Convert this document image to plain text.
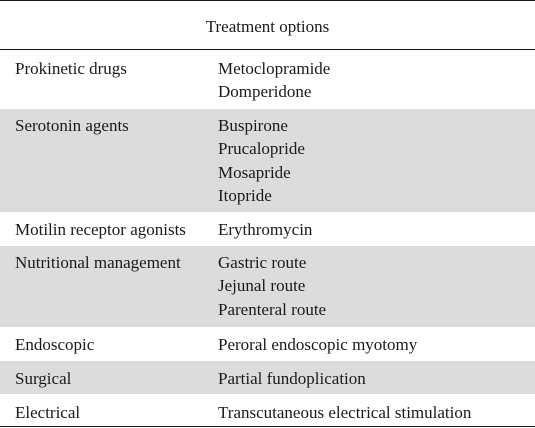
Treatment options
Prokinetic drugs	Metoclopramide
Domperidone
Serotonin agents	Buspirone
Prucalopride
Mosapride
Itopride
Motilin receptor agonists	Erythromycin
Nutritional management	Gastric route
Jejunal route
Parenteral route
Endoscopic	Peroral endoscopic myotomy
Surgical	Partial fundoplication
Electrical	Transcutaneous electrical stimulation
